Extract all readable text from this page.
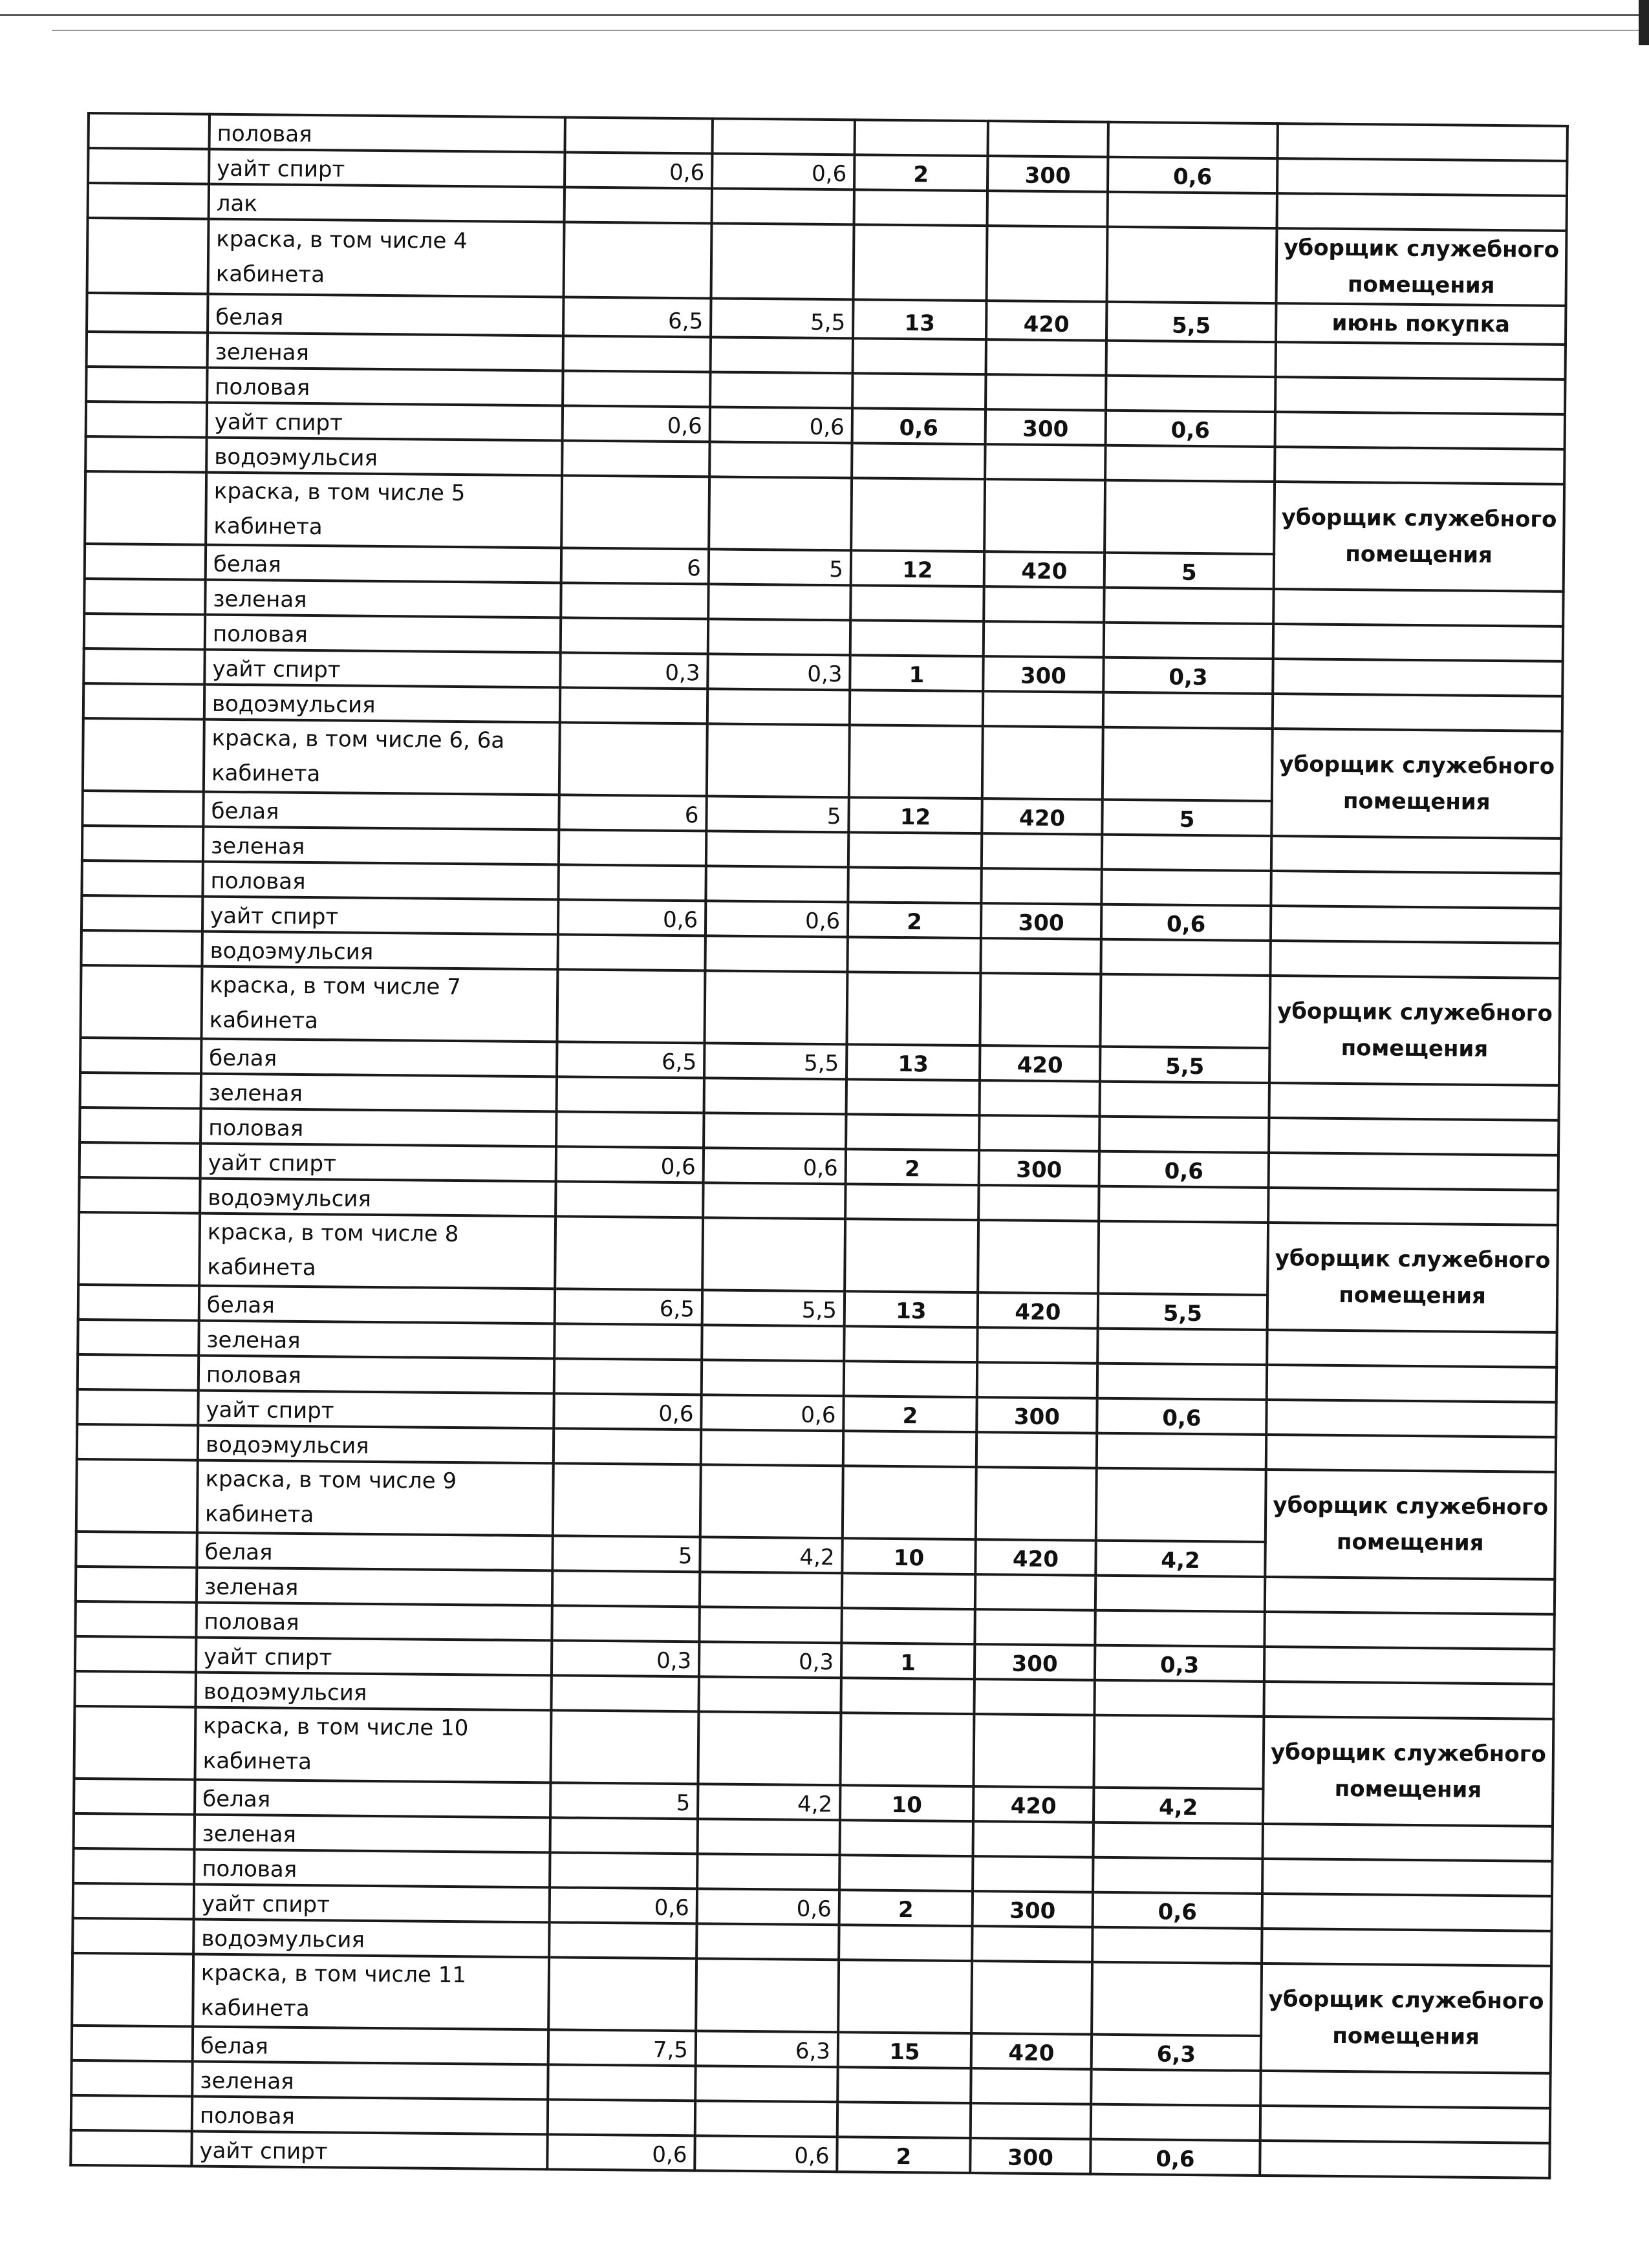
	половая						
	уайт спирт	0,6	0,6	2	300	0,6	
	лак						
	краска, в том числе 4 кабинета						уборщик служебного помещения
	белая	6,5	5,5	13	420	5,5	июнь покупка
	зеленая						
	половая						
	уайт спирт	0,6	0,6	0,6	300	0,6	
	водоэмульсия						
	краска, в том числе 5 кабинета						уборщик служебного помещения
	белая	6	5	12	420	5	
	зеленая						
	половая						
	уайт спирт	0,3	0,3	1	300	0,3	
	водоэмульсия						
	краска, в том числе 6, 6а кабинета						уборщик служебного помещения
	белая	6	5	12	420	5	
	зеленая						
	половая						
	уайт спирт	0,6	0,6	2	300	0,6	
	водоэмульсия						
	краска, в том числе 7 кабинета						уборщик служебного помещения
	белая	6,5	5,5	13	420	5,5	
	зеленая						
	половая						
	уайт спирт	0,6	0,6	2	300	0,6	
	водоэмульсия						
	краска, в том числе 8 кабинета						уборщик служебного помещения
	белая	6,5	5,5	13	420	5,5	
	зеленая						
	половая						
	уайт спирт	0,6	0,6	2	300	0,6	
	водоэмульсия						
	краска, в том числе 9 кабинета						уборщик служебного помещения
	белая	5	4,2	10	420	4,2	
	зеленая						
	половая						
	уайт спирт	0,3	0,3	1	300	0,3	
	водоэмульсия						
	краска, в том числе 10 кабинета						уборщик служебного помещения
	белая	5	4,2	10	420	4,2	
	зеленая						
	половая						
	уайт спирт	0,6	0,6	2	300	0,6	
	водоэмульсия						
	краска, в том числе 11 кабинета						уборщик служебного помещения
	белая	7,5	6,3	15	420	6,3	
	зеленая						
	половая						
	уайт спирт	0,6	0,6	2	300	0,6	
